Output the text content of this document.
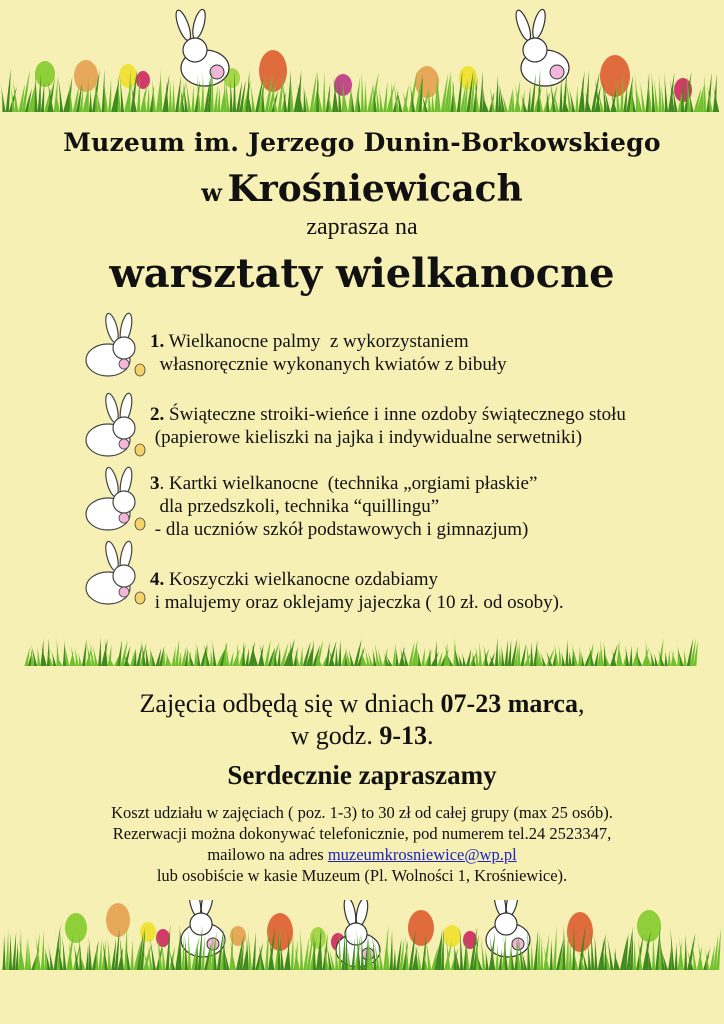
Muzeum im. Jerzego Dunin-Borkowskiego
w Krośniewicach
zaprasza na
warsztaty wielkanocne
1. Wielkanocne palmy  z wykorzystaniem
własnoręcznie wykonanych kwiatów z bibuły
2. Świąteczne stroiki-wieńce i inne ozdoby świątecznego stołu
(papierowe kieliszki na jajka i indywidualne serwetniki)
3. Kartki wielkanocne  (technika „orgiami płaskie”
dla przedszkoli, technika “quillingu”
- dla uczniów szkół podstawowych i gimnazjum)
4. Koszyczki wielkanocne ozdabiamy
i malujemy oraz oklejamy jajeczka ( 10 zł. od osoby).
Zajęcia odbędą się w dniach 07-23 marca,
w godz. 9-13.
Serdecznie zapraszamy
Koszt udziału w zajęciach ( poz. 1-3) to 30 zł od całej grupy (max 25 osób).
Rezerwacji można dokonywać telefonicznie, pod numerem tel.24 2523347,
mailowo na adres muzeumkrosniewice@wp.pl
lub osobiście w kasie Muzeum (Pl. Wolności 1, Krośniewice).
